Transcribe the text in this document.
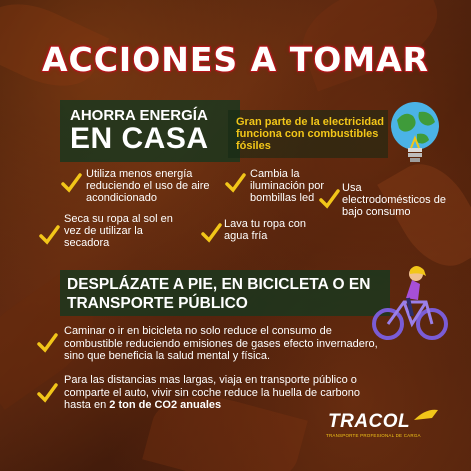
ACCIONES A TOMAR
AHORRA ENERGÍA
EN CASA Gran parte de la electricidad funciona con combustibles fósiles
Utiliza menos energía reduciendo el uso de aire acondicionado
Seca su ropa al sol en vez de utilizar la secadora
Cambia la iluminación por bombillas led
Lava tu ropa con agua fría
Usa electrodomésticos de bajo consumo
DESPLÁZATE A PIE, EN BICICLETA O EN TRANSPORTE PÚBLICO
Caminar o ir en bicicleta no solo reduce el consumo de combustible reduciendo emisiones de gases efecto invernadero, sino que beneficia la salud mental y física.
Para las distancias mas largas, viaja en transporte público o comparte el auto, vivir sin coche reduce la huella de carbono hasta en 2 ton de CO2 anuales
TRACOL
TRANSPORTE PROFESIONAL DE CARGA
